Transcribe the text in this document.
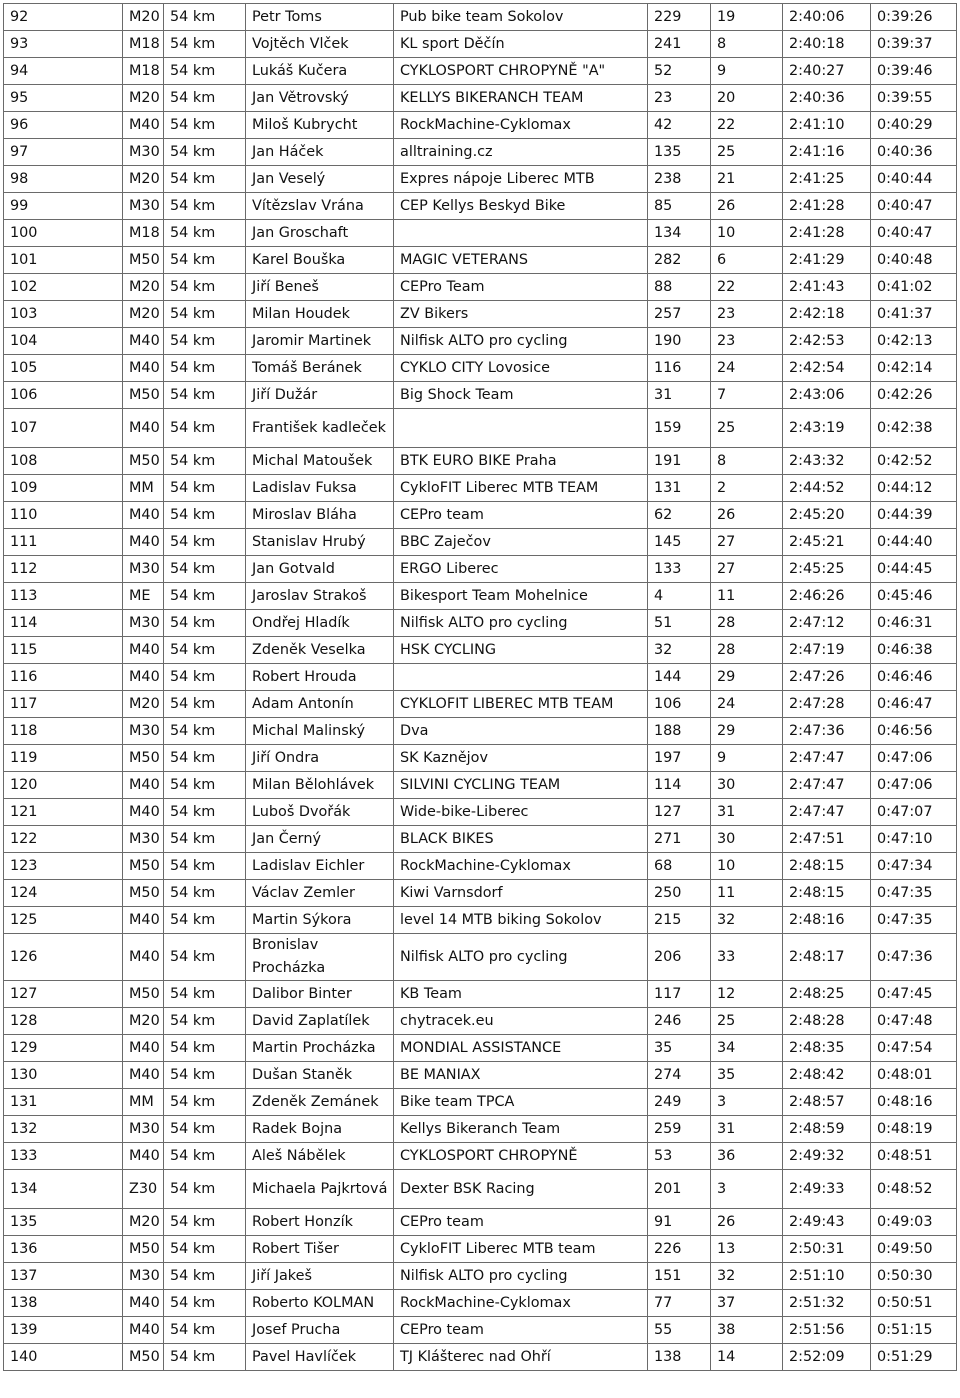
92	M20	54 km	Petr Toms	Pub bike team Sokolov	229	19	2:40:06	0:39:26
93	M18	54 km	Vojtěch Vlček	KL sport Děčín	241	8	2:40:18	0:39:37
94	M18	54 km	Lukáš Kučera	CYKLOSPORT CHROPYNĚ "A"	52	9	2:40:27	0:39:46
95	M20	54 km	Jan Větrovský	KELLYS BIKERANCH TEAM	23	20	2:40:36	0:39:55
96	M40	54 km	Miloš Kubrycht	RockMachine-Cyklomax	42	22	2:41:10	0:40:29
97	M30	54 km	Jan Háček	alltraining.cz	135	25	2:41:16	0:40:36
98	M20	54 km	Jan Veselý	Expres nápoje Liberec MTB	238	21	2:41:25	0:40:44
99	M30	54 km	Vítězslav Vrána	CEP Kellys Beskyd Bike	85	26	2:41:28	0:40:47
100	M18	54 km	Jan Groschaft		134	10	2:41:28	0:40:47
101	M50	54 km	Karel Bouška	MAGIC VETERANS	282	6	2:41:29	0:40:48
102	M20	54 km	Jiří Beneš	CEPro Team	88	22	2:41:43	0:41:02
103	M20	54 km	Milan Houdek	ZV Bikers	257	23	2:42:18	0:41:37
104	M40	54 km	Jaromir Martinek	Nilfisk ALTO pro cycling	190	23	2:42:53	0:42:13
105	M40	54 km	Tomáš Beránek	CYKLO CITY Lovosice	116	24	2:42:54	0:42:14
106	M50	54 km	Jiří Dužár	Big Shock Team	31	7	2:43:06	0:42:26
107	M40	54 km	František kadleček		159	25	2:43:19	0:42:38
108	M50	54 km	Michal Matoušek	BTK EURO BIKE Praha	191	8	2:43:32	0:42:52
109	MM	54 km	Ladislav Fuksa	CykloFIT Liberec MTB TEAM	131	2	2:44:52	0:44:12
110	M40	54 km	Miroslav Bláha	CEPro team	62	26	2:45:20	0:44:39
111	M40	54 km	Stanislav Hrubý	BBC Zaječov	145	27	2:45:21	0:44:40
112	M30	54 km	Jan Gotvald	ERGO Liberec	133	27	2:45:25	0:44:45
113	ME	54 km	Jaroslav Strakoš	Bikesport Team Mohelnice	4	11	2:46:26	0:45:46
114	M30	54 km	Ondřej Hladík	Nilfisk ALTO pro cycling	51	28	2:47:12	0:46:31
115	M40	54 km	Zdeněk Veselka	HSK CYCLING	32	28	2:47:19	0:46:38
116	M40	54 km	Robert Hrouda		144	29	2:47:26	0:46:46
117	M20	54 km	Adam Antonín	CYKLOFIT LIBEREC MTB TEAM	106	24	2:47:28	0:46:47
118	M30	54 km	Michal Malinský	Dva	188	29	2:47:36	0:46:56
119	M50	54 km	Jiří Ondra	SK Kaznějov	197	9	2:47:47	0:47:06
120	M40	54 km	Milan Bělohlávek	SILVINI CYCLING TEAM	114	30	2:47:47	0:47:06
121	M40	54 km	Luboš Dvořák	Wide-bike-Liberec	127	31	2:47:47	0:47:07
122	M30	54 km	Jan Černý	BLACK BIKES	271	30	2:47:51	0:47:10
123	M50	54 km	Ladislav Eichler	RockMachine-Cyklomax	68	10	2:48:15	0:47:34
124	M50	54 km	Václav Zemler	Kiwi Varnsdorf	250	11	2:48:15	0:47:35
125	M40	54 km	Martin Sýkora	level 14 MTB biking Sokolov	215	32	2:48:16	0:47:35
126	M40	54 km	Bronislav Procházka	Nilfisk ALTO pro cycling	206	33	2:48:17	0:47:36
127	M50	54 km	Dalibor Binter	KB Team	117	12	2:48:25	0:47:45
128	M20	54 km	David Zaplatílek	chytracek.eu	246	25	2:48:28	0:47:48
129	M40	54 km	Martin Procházka	MONDIAL ASSISTANCE	35	34	2:48:35	0:47:54
130	M40	54 km	Dušan Staněk	BE MANIAX	274	35	2:48:42	0:48:01
131	MM	54 km	Zdeněk Zemánek	Bike team TPCA	249	3	2:48:57	0:48:16
132	M30	54 km	Radek Bojna	Kellys Bikeranch Team	259	31	2:48:59	0:48:19
133	M40	54 km	Aleš Nábělek	CYKLOSPORT CHROPYNĚ	53	36	2:49:32	0:48:51
134	Z30	54 km	Michaela Pajkrtová	Dexter BSK Racing	201	3	2:49:33	0:48:52
135	M20	54 km	Robert Honzík	CEPro team	91	26	2:49:43	0:49:03
136	M50	54 km	Robert Tišer	CykloFIT Liberec MTB team	226	13	2:50:31	0:49:50
137	M30	54 km	Jiří Jakeš	Nilfisk ALTO pro cycling	151	32	2:51:10	0:50:30
138	M40	54 km	Roberto KOLMAN	RockMachine-Cyklomax	77	37	2:51:32	0:50:51
139	M40	54 km	Josef Prucha	CEPro team	55	38	2:51:56	0:51:15
140	M50	54 km	Pavel Havlíček	TJ Klášterec nad Ohří	138	14	2:52:09	0:51:29
